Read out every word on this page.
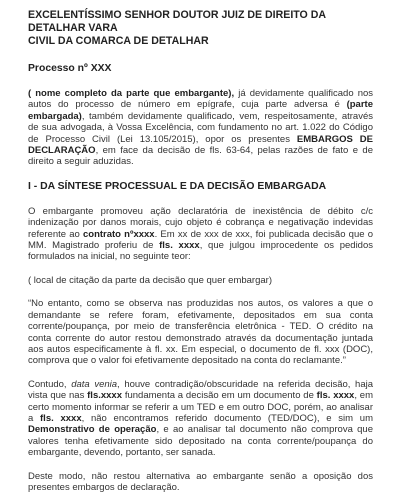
EXCELENTÍSSIMO SENHOR DOUTOR JUIZ DE DIREITO DA DETALHAR VARA
CIVIL DA COMARCA DE DETALHAR
Processo nº XXX

( nome completo da parte que embargante), já devidamente qualificado nos autos do processo de número em epígrafe, cuja parte adversa é (parte embargada), também devidamente qualificado, vem, respeitosamente, através de sua advogada, à Vossa Excelência, com fundamento no art. 1.022 do Código de Processo Civil (Lei 13.105/2015), opor os presentes EMBARGOS DE DECLARAÇÃO, em face da decisão de fls. 63-64, pelas razões de fato e de direito a seguir aduzidas.

I - DA SÍNTESE PROCESSUAL E DA DECISÃO EMBARGADA

O embargante promoveu ação declaratória de inexistência de débito c/c indenização por danos morais, cujo objeto é cobrança e negativação indevidas referente ao contrato nºxxxx. Em xx de xxx de xxx, foi publicada decisão que o MM. Magistrado proferiu de fls. xxxx, que julgou improcedente os pedidos formulados na inicial, no seguinte teor:

( local de citação da parte da decisão que quer embargar)

“No entanto, como se observa nas produzidas nos autos, os valores a que o demandante se refere foram, efetivamente, depositados em sua conta corrente/poupança, por meio de transferência eletrônica - TED. O crédito na conta corrente do autor restou demonstrado através da documentação juntada aos autos especificamente à fl. xx. Em especial, o documento de fl. xxx (DOC), comprova que o valor foi efetivamente depositado na conta do reclamante.”

Contudo, data venia, houve contradição/obscuridade na referida decisão, haja vista que nas fls.xxxx fundamenta a decisão em um documento de fls. xxxx, em certo momento informar se referir a um TED e em outro DOC, porém, ao analisar a fls. xxxx, não encontramos referido documento (TED/DOC), e sim um Demonstrativo de operação, e ao analisar tal documento não comprova que valores tenha efetivamente sido depositado na conta corrente/poupança do embargante, devendo, portanto, ser sanada.

Deste modo, não restou alternativa ao embargante senão a oposição dos presentes embargos de declaração.
